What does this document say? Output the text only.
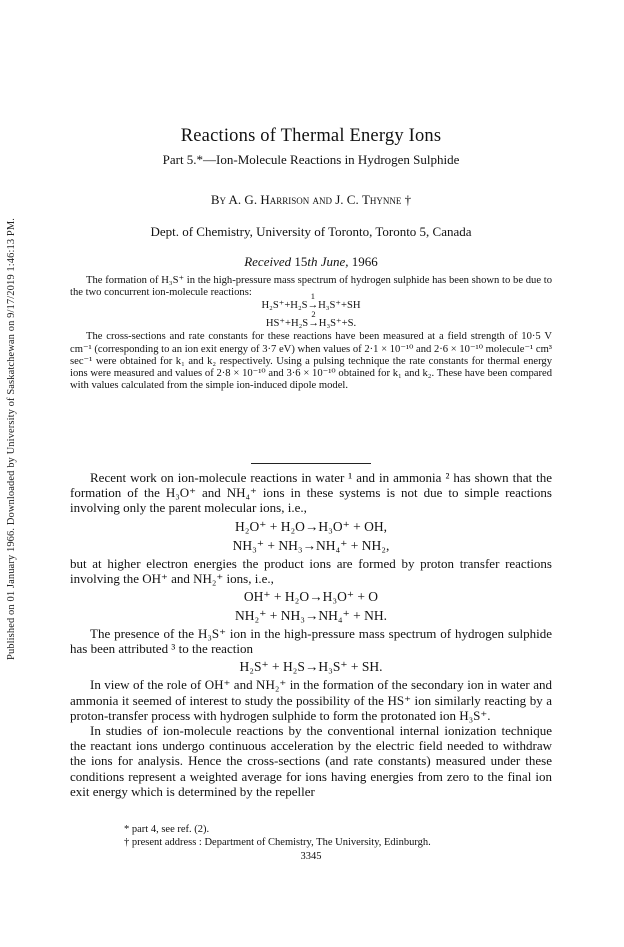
Published on 01 January 1966. Downloaded by University of Saskatchewan on 9/17/2019 1:46:13 PM.
Reactions of Thermal Energy Ions
Part 5.*—Ion-Molecule Reactions in Hydrogen Sulphide
By A. G. Harrison and J. C. Thynne †
Dept. of Chemistry, University of Toronto, Toronto 5, Canada
Received 15th June, 1966

The formation of H₃S⁺ in the high-pressure mass spectrum of hydrogen sulphide has been shown to be due to the two concurrent ion-molecule reactions:

H₂S⁺+H₂S
1
→H₃S⁺+SH
HS⁺+H₂S
2
→H₃S⁺+S.

The cross-sections and rate constants for these reactions have been measured at a field strength of 10·5 V cm⁻¹ (corresponding to an ion exit energy of 3·7 eV) when values of 2·1 × 10⁻¹⁰ and 2·6 × 10⁻¹⁰ molecule⁻¹ cm³ sec⁻¹ were obtained for k₁ and k₂ respectively. Using a pulsing technique the rate constants for thermal energy ions were measured and values of 2·8 × 10⁻¹⁰ and 3·6 × 10⁻¹⁰ obtained for k₁ and k₂. These have been compared with values calculated from the simple ion-induced dipole model.

Recent work on ion-molecule reactions in water ¹ and in ammonia ² has shown that the formation of the H₃O⁺ and NH₄⁺ ions in these systems is not due to simple reactions involving only the parent molecular ions, i.e.,

H₂O⁺ + H₂O→H₃O⁺ + OH,
NH₃⁺ + NH₃→NH₄⁺ + NH₂,

but at higher electron energies the product ions are formed by proton transfer reactions involving the OH⁺ and NH₂⁺ ions, i.e.,

OH⁺ + H₂O→H₃O⁺ + O
NH₂⁺ + NH₃→NH₄⁺ + NH.

The presence of the H₃S⁺ ion in the high-pressure mass spectrum of hydrogen sulphide has been attributed ³ to the reaction

H₂S⁺ + H₂S→H₃S⁺ + SH.

In view of the role of OH⁺ and NH₂⁺ in the formation of the secondary ion in water and ammonia it seemed of interest to study the possibility of the HS⁺ ion similarly reacting by a proton-transfer process with hydrogen sulphide to form the protonated ion H₃S⁺.

In studies of ion-molecule reactions by the conventional internal ionization technique the reactant ions undergo continuous acceleration by the electric field needed to withdraw the ions for analysis. Hence the cross-sections (and rate constants) measured under these conditions represent a weighted average for ions having energies from zero to the final ion exit energy which is determined by the repeller

* part 4, see ref. (2).
† present address : Department of Chemistry, The University, Edinburgh.
3345
